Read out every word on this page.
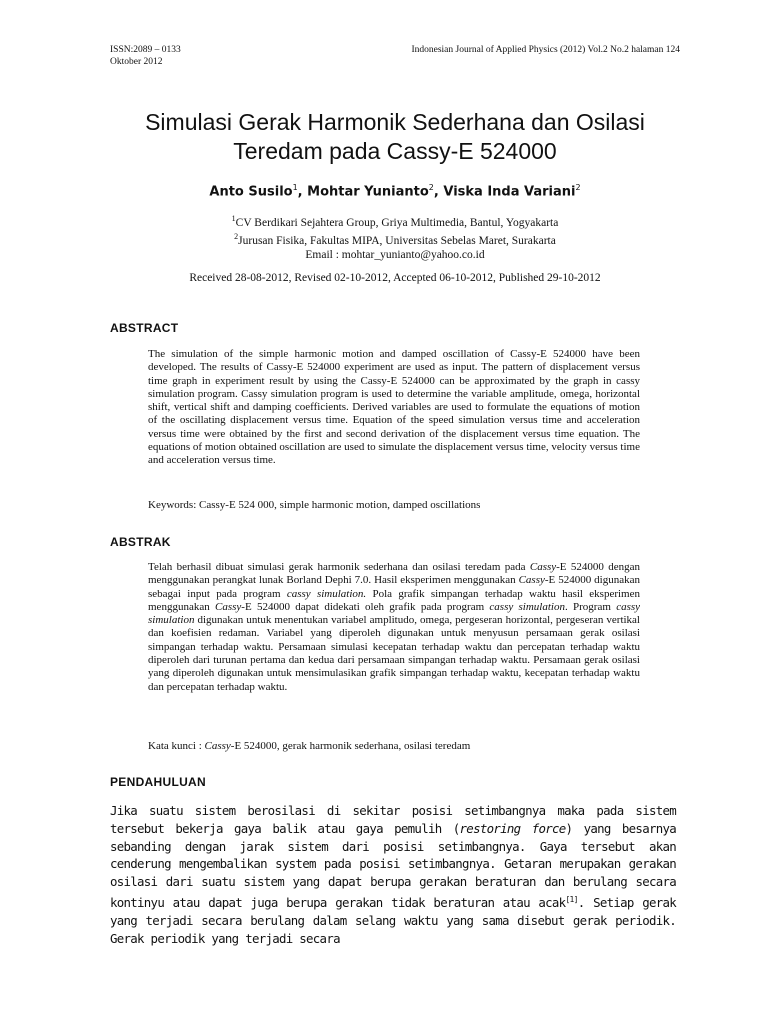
ISSN:2089 – 0133
Oktober 2012
Indonesian Journal of Applied Physics (2012) Vol.2 No.2 halaman 124
Simulasi Gerak Harmonik Sederhana dan Osilasi
Teredam pada Cassy-E 524000
Anto Susilo$^1$, Mohtar Yunianto$^2$, Viska Inda Variani$^2$
$^1$CV Berdikari Sejahtera Group, Griya Multimedia, Bantul, Yogyakarta
$^2$Jurusan Fisika, Fakultas MIPA, Universitas Sebelas Maret, Surakarta
Email : mohtar_yunianto@yahoo.co.id
Received 28-08-2012, Revised 02-10-2012, Accepted 06-10-2012, Published 29-10-2012
ABSTRACT

The simulation of the simple harmonic motion and damped oscillation of Cassy-E 524000 have been developed. The results of Cassy-E 524000 experiment are used as input. The pattern of displacement versus time graph in experiment result by using the Cassy-E 524000 can be approximated by the graph in cassy simulation program. Cassy simulation program is used to determine the variable amplitude, omega, horizontal shift, vertical shift and damping coefficients. Derived variables are used to formulate the equations of motion of the oscillating displacement versus time. Equation of the speed simulation versus time and acceleration versus time were obtained by the first and second derivation of the displacement versus time equation. The equations of motion obtained oscillation are used to simulate the displacement versus time, velocity versus time and acceleration versus time.

Keywords: Cassy-E 524 000, simple harmonic motion, damped oscillations

ABSTRAK

Telah berhasil dibuat simulasi gerak harmonik sederhana dan osilasi teredam pada Cassy-E 524000 dengan menggunakan perangkat lunak Borland Dephi 7.0. Hasil eksperimen menggunakan Cassy-E 524000 digunakan sebagai input pada program cassy simulation. Pola grafik simpangan terhadap waktu hasil eksperimen menggunakan Cassy-E 524000 dapat didekati oleh grafik pada program cassy simulation. Program cassy simulation digunakan untuk menentukan variabel amplitudo, omega, pergeseran horizontal, pergeseran vertikal dan koefisien redaman. Variabel yang diperoleh digunakan untuk menyusun persamaan gerak osilasi simpangan terhadap waktu. Persamaan simulasi kecepatan terhadap waktu dan percepatan terhadap waktu diperoleh dari turunan pertama dan kedua dari persamaan simpangan terhadap waktu. Persamaan gerak osilasi yang diperoleh digunakan untuk mensimulasikan grafik simpangan terhadap waktu, kecepatan terhadap waktu dan percepatan terhadap waktu.

Kata kunci : Cassy-E 524000, gerak harmonik sederhana, osilasi teredam

PENDAHULUAN

Jika suatu sistem berosilasi di sekitar posisi setimbangnya maka pada sistem tersebut bekerja gaya balik atau gaya pemulih (restoring force) yang besarnya sebanding dengan jarak sistem dari posisi setimbangnya. Gaya tersebut akan cenderung mengembalikan system pada posisi setimbangnya. Getaran merupakan gerakan osilasi dari suatu sistem yang dapat berupa gerakan beraturan dan berulang secara kontinyu atau dapat juga berupa gerakan tidak beraturan atau acak[1]. Setiap gerak yang terjadi secara berulang dalam selang waktu yang sama disebut gerak periodik. Gerak periodik yang terjadi secara
